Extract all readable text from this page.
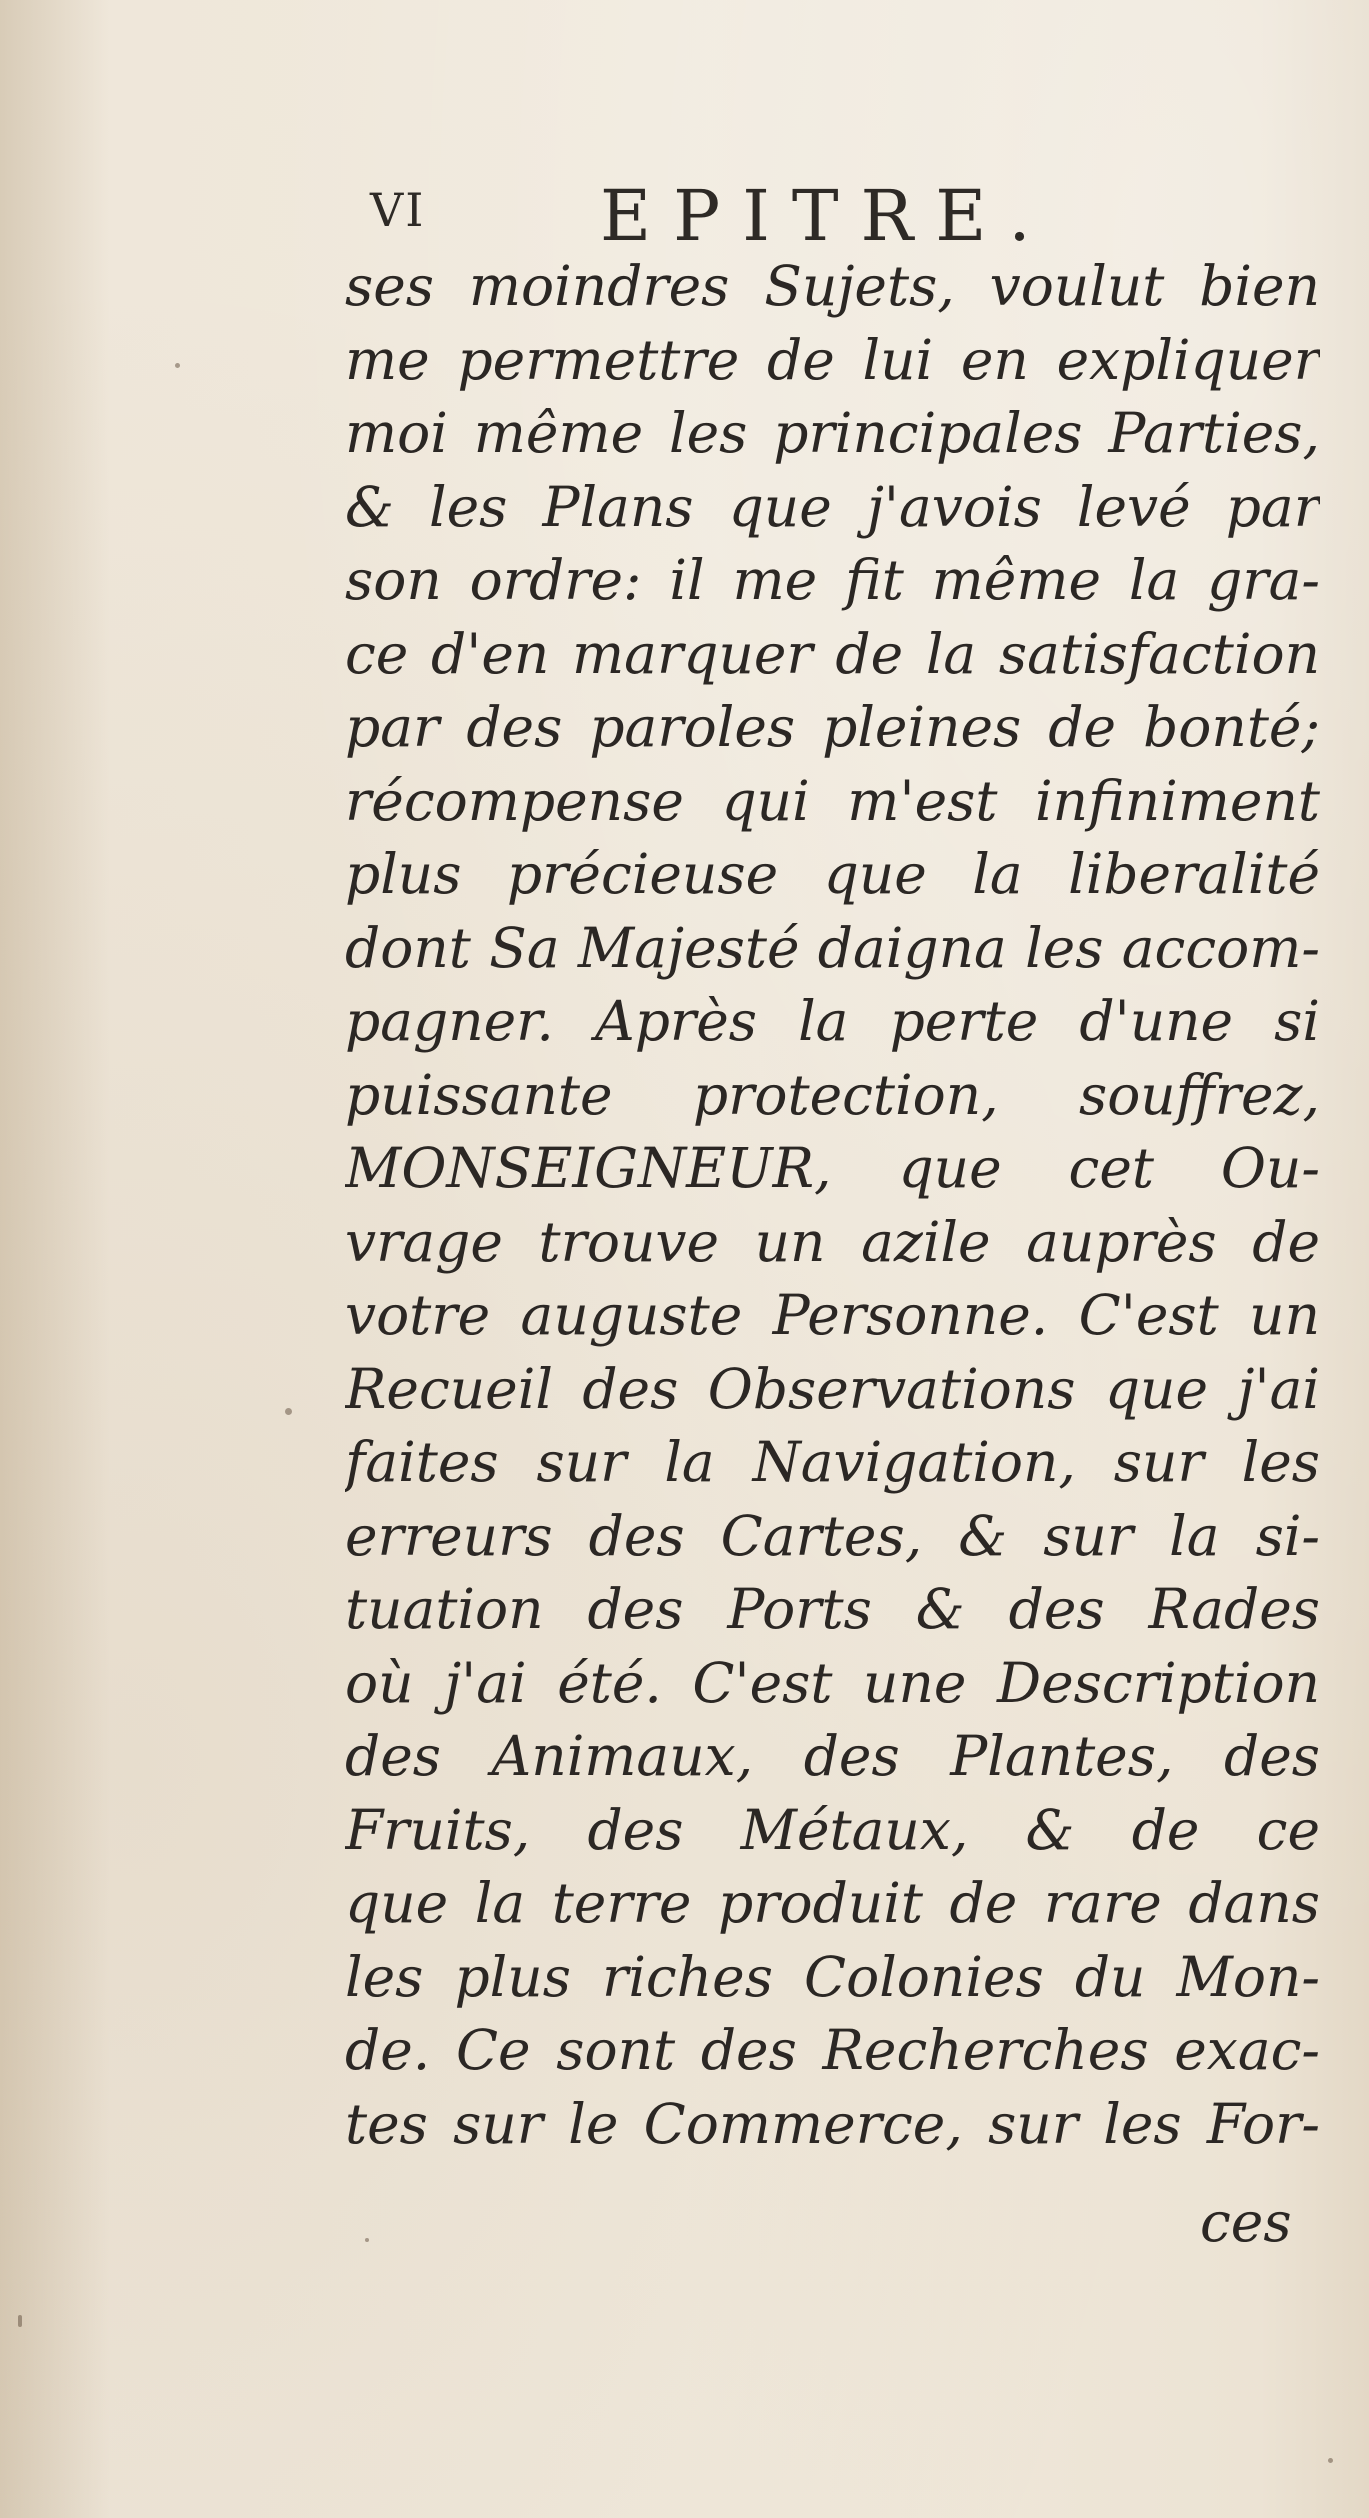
VI EPITRE.
ses moindres Sujets, voulut bien
me permettre de lui en expliquer
moi même les principales Parties,
& les Plans que j'avois levé par
son ordre: il me fit même la gra-
ce d'en marquer de la satisfaction
par des paroles pleines de bonté;
récompense qui m'est infiniment
plus précieuse que la liberalité
dont Sa Majesté daigna les accom-
pagner. Après la perte d'une si
puissante protection, souffrez,
MONSEIGNEUR, que cet Ou-
vrage trouve un azile auprès de
votre auguste Personne. C'est un
Recueil des Observations que j'ai
faites sur la Navigation, sur les
erreurs des Cartes, & sur la si-
tuation des Ports & des Rades
où j'ai été. C'est une Description
des Animaux, des Plantes, des
Fruits, des Métaux, & de ce
que la terre produit de rare dans
les plus riches Colonies du Mon-
de. Ce sont des Recherches exac-
tes sur le Commerce, sur les For-
ces
